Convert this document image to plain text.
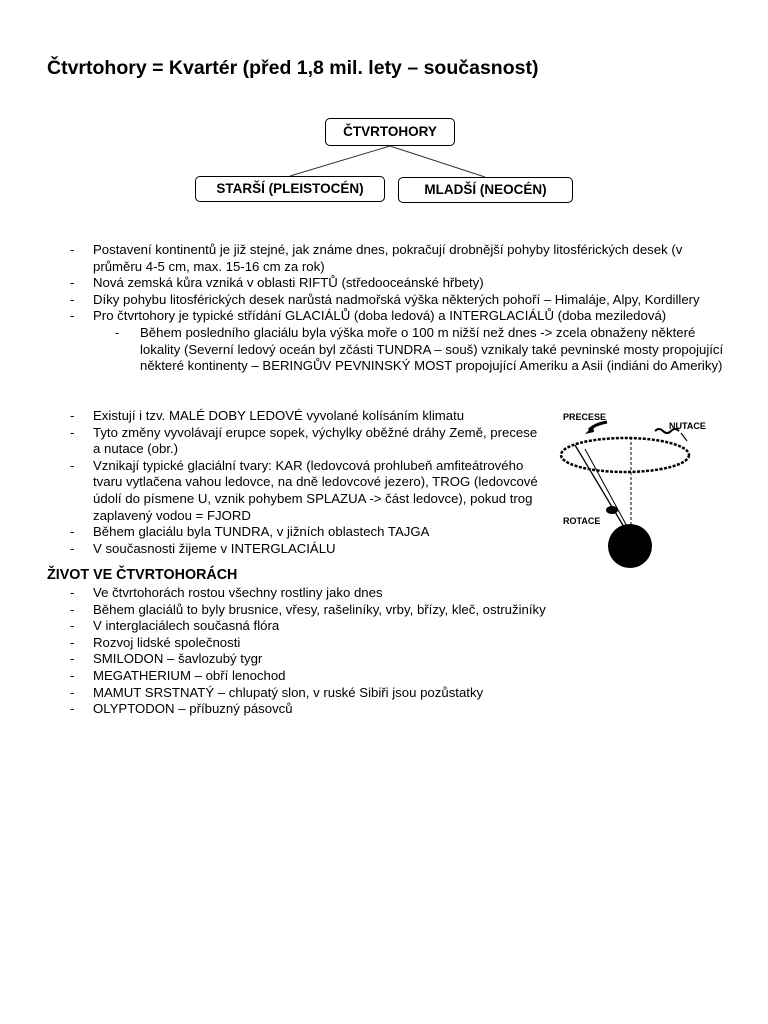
Čtvrtohory = Kvartér (před 1,8 mil. lety – současnost)
ČTVRTOHORY
STARŠÍ (PLEISTOCÉN)	MLADŠÍ (NEOCÉN)
- Postavení kontinentů je již stejné, jak známe dnes, pokračují drobnější pohyby litosférických desek (v průměru 4-5 cm, max. 15-16 cm za rok)
- Nová zemská kůra vzniká v oblasti RIFTŮ (středooceánské hřbety)
- Díky pohybu litosférických desek narůstá nadmořská výška některých pohoří – Himaláje, Alpy, Kordillery
- Pro čtvrtohory je typické střídání GLACIÁLŮ (doba ledová) a INTERGLACIÁLŮ (doba meziledová)
- Během posledního glaciálu byla výška moře o 100 m nižší než dnes -> zcela obnaženy některé lokality (Severní ledový oceán byl zčásti TUNDRA – souš) vznikaly také pevninské mosty propojující některé kontinenty – BERINGŮV PEVNINSKÝ MOST propojující Ameriku a Asii (indiáni do Ameriky)
- Existují i tzv. MALÉ DOBY LEDOVÉ vyvolané kolísáním klimatu
- Tyto změny vyvolávají erupce sopek, výchylky oběžné dráhy Země, precese a nutace (obr.)
- Vznikají typické glaciální tvary: KAR (ledovcová prohlubeň amfiteátrového tvaru vytlačena vahou ledovce, na dně ledovcové jezero), TROG (ledovcové údolí do písmene U, vznik pohybem SPLAZUA -> část ledovce), pokud trog zaplavený vodou = FJORD
- Během glaciálu byla TUNDRA, v jižních oblastech TAJGA
- V současnosti žijeme v INTERGLACIÁLU
PRECESE
NUTACE
ROTACE
ŽIVOT VE ČTVRTOHORÁCH
- Ve čtvrtohorách rostou všechny rostliny jako dnes
- Během glaciálů to byly brusnice, vřesy, rašeliníky, vrby, břízy, kleč, ostružiníky
- V interglaciálech současná flóra
- Rozvoj lidské společnosti
- SMILODON – šavlozubý tygr
- MEGATHERIUM – obří lenochod
- MAMUT SRSTNATÝ – chlupatý slon, v ruské Sibiři jsou pozůstatky
- OLYPTODON – příbuzný pásovců
